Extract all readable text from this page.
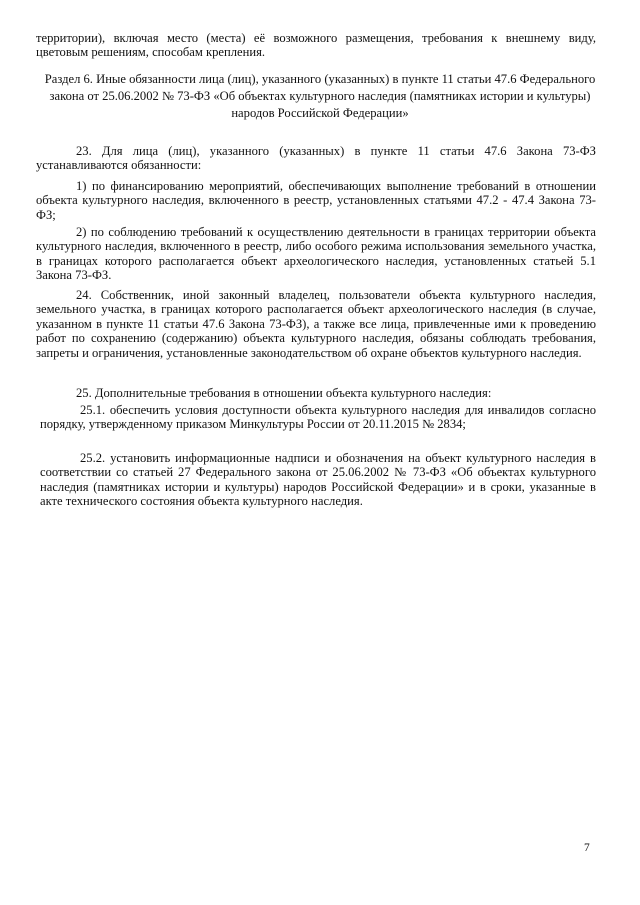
территории), включая место (места) её возможного размещения, требования к внешнему виду, цветовым решениям, способам крепления.

Раздел 6. Иные обязанности лица (лиц), указанного (указанных) в пункте 11 статьи 47.6 Федерального закона от 25.06.2002 № 73-ФЗ «Об объектах культурного наследия (памятниках истории и культуры) народов Российской Федерации»

23. Для лица (лиц), указанного (указанных) в пункте 11 статьи 47.6 Закона 73-ФЗ устанавливаются обязанности:

1) по финансированию мероприятий, обеспечивающих выполнение требований в отношении объекта культурного наследия, включенного в реестр, установленных статьями 47.2 - 47.4 Закона 73-ФЗ;

2) по соблюдению требований к осуществлению деятельности в границах территории объекта культурного наследия, включенного в реестр, либо особого режима использования земельного участка, в границах которого располагается объект археологического наследия, установленных статьей 5.1 Закона 73-ФЗ.

24. Собственник, иной законный владелец, пользователи объекта культурного наследия, земельного участка, в границах которого располагается объект археологического наследия (в случае, указанном в пункте 11 статьи 47.6 Закона 73-ФЗ), а также все лица, привлеченные ими к проведению работ по сохранению (содержанию) объекта культурного наследия, обязаны соблюдать требования, запреты и ограничения, установленные законодательством об охране объектов культурного наследия.

25. Дополнительные требования в отношении объекта культурного наследия:

25.1. обеспечить условия доступности объекта культурного наследия для инвалидов согласно порядку, утвержденному приказом Минкультуры России от 20.11.2015 № 2834;

25.2. установить информационные надписи и обозначения на объект культурного наследия в соответствии со статьей 27 Федерального закона от 25.06.2002 № 73-ФЗ «Об объектах культурного наследия (памятниках истории и культуры) народов Российской Федерации» и в сроки, указанные в акте технического состояния объекта культурного наследия.

7
